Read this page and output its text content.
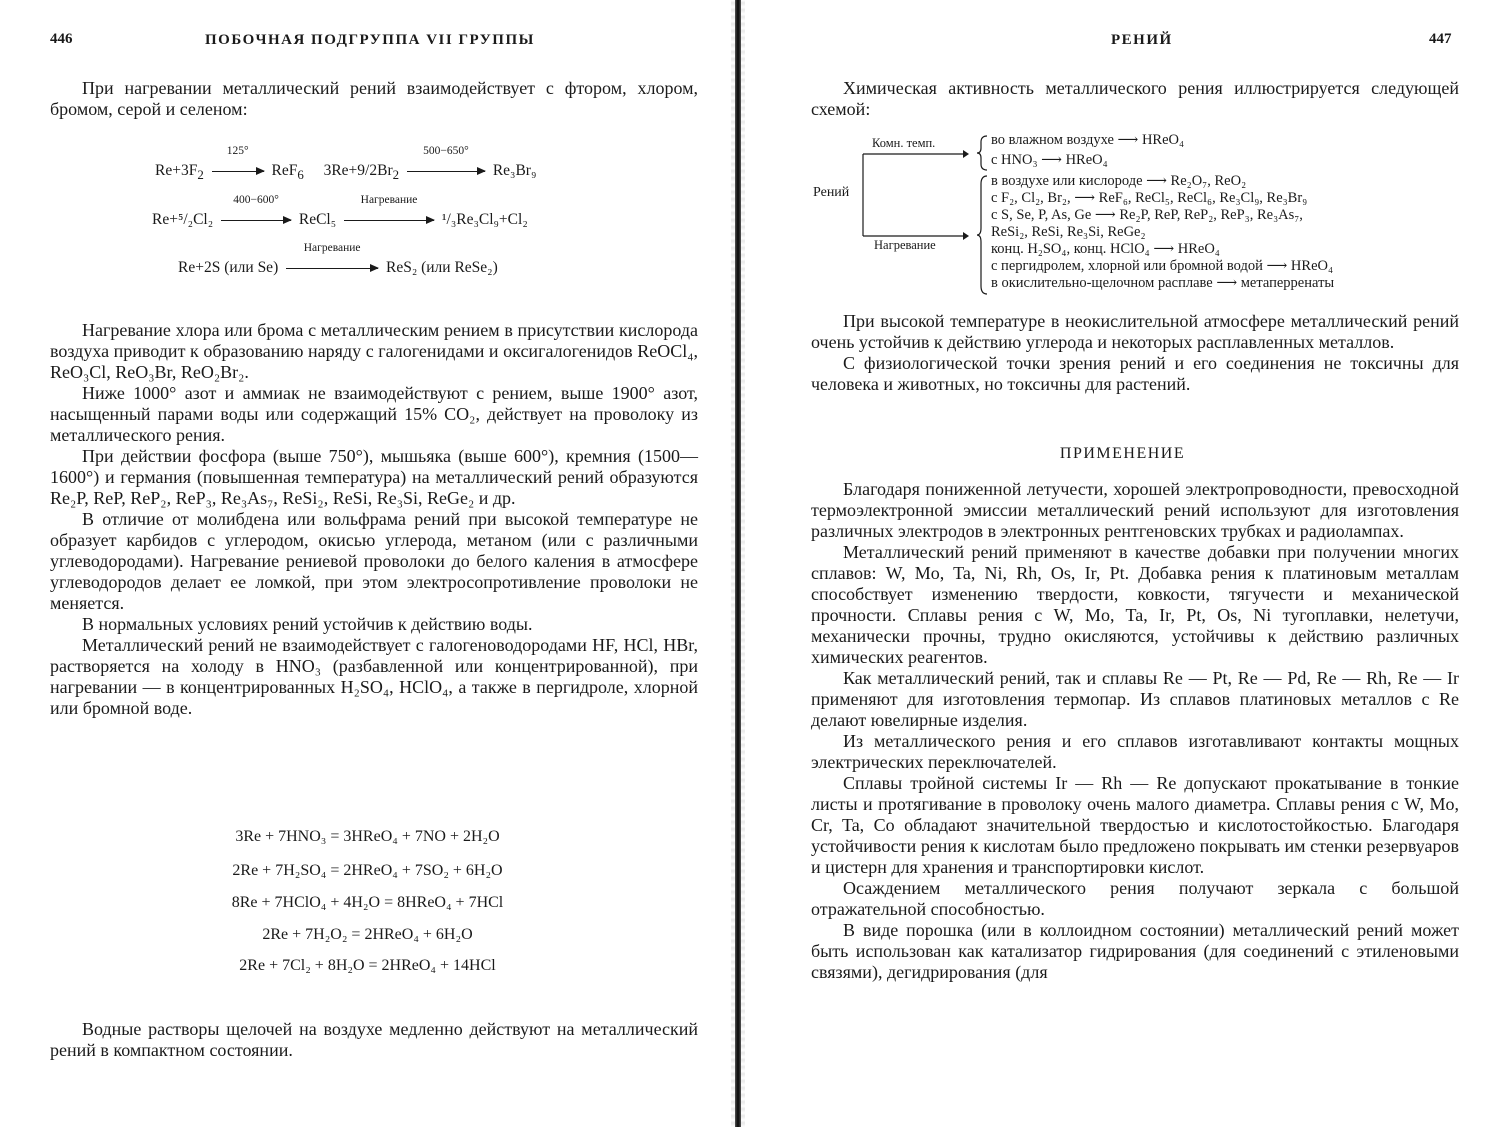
446	ПОБОЧНАЯ ПОДГРУППА VII ГРУППЫ

При нагревании металлический рений взаимодействует с фтором, хлором, бромом, серой и селеном:

$Re+3F_2$
125°
ReF$_6$ $3Re+9/2Br_2$
500−650°
Re₃Br₉
Re+⁵/₂Cl₂
400−600°
ReCl₅
Нагревание
¹/₃Re₃Cl₉+Cl₂
Re+2S (или Se)
Нагревание
ReS₂ (или ReSe₂)

Нагревание хлора или брома с металлическим рением в присутствии кислорода воздуха приводит к образованию наряду с галогенидами и оксигалогенидов ReOCl₄, ReO₃Cl, ReO₃Br, ReO₂Br₂.

Ниже 1000° азот и аммиак не взаимодействуют с рением, выше 1900° азот, насыщенный парами воды или содержащий 15% CO₂, действует на проволоку из металлического рения.

При действии фосфора (выше 750°), мышьяка (выше 600°), кремния (1500—1600°) и германия (повышенная температура) на металлический рений образуются Re₂P, ReP, ReP₂, ReP₃, Re₃As₇, ReSi₂, ReSi, Re₃Si, ReGe₂ и др.

В отличие от молибдена или вольфрама рений при высокой температуре не образует карбидов с углеродом, окисью углерода, метаном (или с различными углеводородами). Нагревание рениевой проволоки до белого каления в атмосфере углеводородов делает ее ломкой, при этом электросопротивление проволоки не меняется.

В нормальных условиях рений устойчив к действию воды.

Металлический рений не взаимодействует с галогеноводородами HF, HCl, HBr, растворяется на холоду в HNO₃ (разбавленной или концентрированной), при нагревании — в концентрированных H₂SO₄, HClO₄, а также в пергидроле, хлорной или бромной воде.

3Re + 7HNO₃ = 3HReO₄ + 7NO + 2H₂O
2Re + 7H₂SO₄ = 2HReO₄ + 7SO₂ + 6H₂O
8Re + 7HClO₄ + 4H₂O = 8HReO₄ + 7HCl
2Re + 7H₂O₂ = 2HReO₄ + 6H₂O
2Re + 7Cl₂ + 8H₂O = 2HReO₄ + 14HCl

Водные растворы щелочей на воздухе медленно действуют на металлический рений в компактном состоянии.

РЕНИЙ	447

Химическая активность металлического рения иллюстрируется следующей схемой:

Рений
Комн. темп.
Нагревание
во влажном воздухе ⟶ HReO₄
с HNO₃ ⟶ HReO₄
в воздухе или кислороде ⟶ Re₂O₇, ReO₂
с F₂, Cl₂, Br₂, ⟶ ReF₆, ReCl₅, ReCl₆, Re₃Cl₉, Re₃Br₉
с S, Se, P, As, Ge ⟶ Re₂P, ReP, ReP₂, ReP₃, Re₃As₇,
ReSi₂, ReSi, Re₃Si, ReGe₂
конц. H₂SO₄, конц. HClO₄ ⟶ HReO₄
с пергидролем, хлорной или бромной водой ⟶ HReO₄
в окислительно-щелочном расплаве ⟶ метаперренаты

При высокой температуре в неокислительной атмосфере металлический рений очень устойчив к действию углерода и некоторых расплавленных металлов.

С физиологической точки зрения рений и его соединения не токсичны для человека и животных, но токсичны для растений.

ПРИМЕНЕНИЕ

Благодаря пониженной летучести, хорошей электропроводности, превосходной термоэлектронной эмиссии металлический рений используют для изготовления различных электродов в электронных рентгеновских трубках и радиолампах.

Металлический рений применяют в качестве добавки при получении многих сплавов: W, Mo, Ta, Ni, Rh, Os, Ir, Pt. Добавка рения к платиновым металлам способствует изменению твердости, ковкости, тягучести и механической прочности. Сплавы рения с W, Mo, Ta, Ir, Pt, Os, Ni тугоплавки, нелетучи, механически прочны, трудно окисляются, устойчивы к действию различных химических реагентов.

Как металлический рений, так и сплавы Re — Pt, Re — Pd, Re — Rh, Re — Ir применяют для изготовления термопар. Из сплавов платиновых металлов с Re делают ювелирные изделия.

Из металлического рения и его сплавов изготавливают контакты мощных электрических переключателей.

Сплавы тройной системы Ir — Rh — Re допускают прокатывание в тонкие листы и протягивание в проволоку очень малого диаметра. Сплавы рения с W, Mo, Cr, Ta, Co обладают значительной твердостью и кислотостойкостью. Благодаря устойчивости рения к кислотам было предложено покрывать им стенки резервуаров и цистерн для хранения и транспортировки кислот.

Осаждением металлического рения получают зеркала с большой отражательной способностью.

В виде порошка (или в коллоидном состоянии) металлический рений может быть использован как катализатор гидрирования (для соединений с этиленовыми связями), дегидрирования (для
